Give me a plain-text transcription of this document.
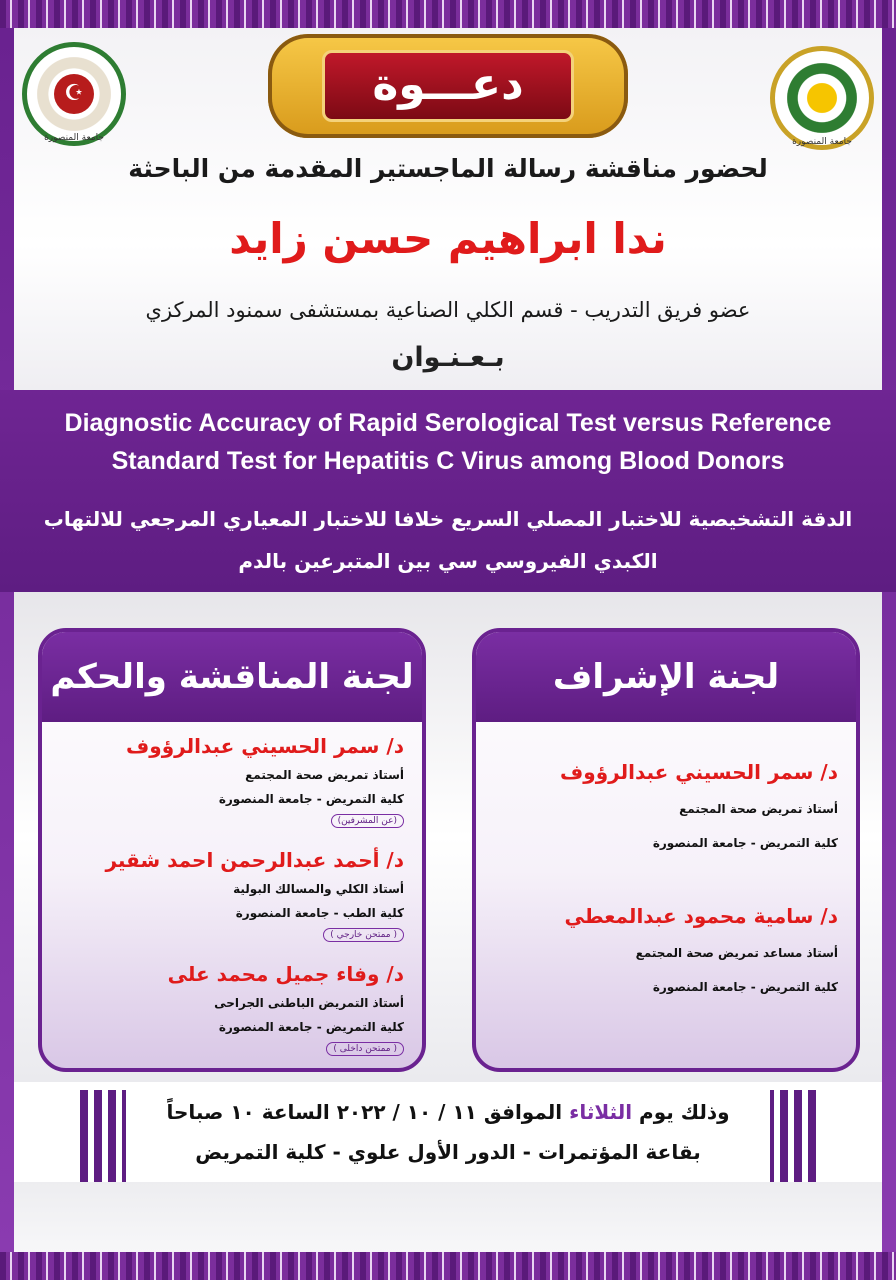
☪
جامعة المنصورة	جامعة المنصورة
دعـــوة
لحضور مناقشة رسالة الماجستير المقدمة من الباحثة
ندا ابراهيم حسن زايد
عضو فريق التدريب - قسم الكلي الصناعية بمستشفى سمنود المركزي
بـعـنـوان
Diagnostic Accuracy of Rapid Serological Test versus Reference Standard Test for Hepatitis C Virus among Blood Donors
الدقة التشخيصية للاختبار المصلي السريع خلافا للاختبار المعياري المرجعي للالتهاب الكبدي الفيروسي سي بين المتبرعين بالدم
لجنة المناقشة والحكم
د/ سمر الحسيني عبدالرؤوف
أستاذ تمريض صحة المجتمع
كلية التمريض - جامعة المنصورة
(عن المشرفين)
د/ أحمد عبدالرحمن احمد شقير
أستاذ الكلي والمسالك البولية
كلية الطب - جامعة المنصورة
( ممتحن خارجي )
د/ وفاء جميل محمد على
أستاذ التمريض الباطنى الجراحى
كلية التمريض - جامعة المنصورة
( ممتحن داخلى )
لجنة الإشراف
د/ سمر الحسيني عبدالرؤوف
أستاذ تمريض صحة المجتمع
كلية التمريض - جامعة المنصورة
د/ سامية محمود عبدالمعطي
أستاذ مساعد تمريض صحة المجتمع
كلية التمريض - جامعة المنصورة
وذلك يوم الثلاثاء الموافق ١١ / ١٠ / ٢٠٢٢ الساعة ١٠ صباحاً
بقاعة المؤتمرات - الدور الأول علوي - كلية التمريض
